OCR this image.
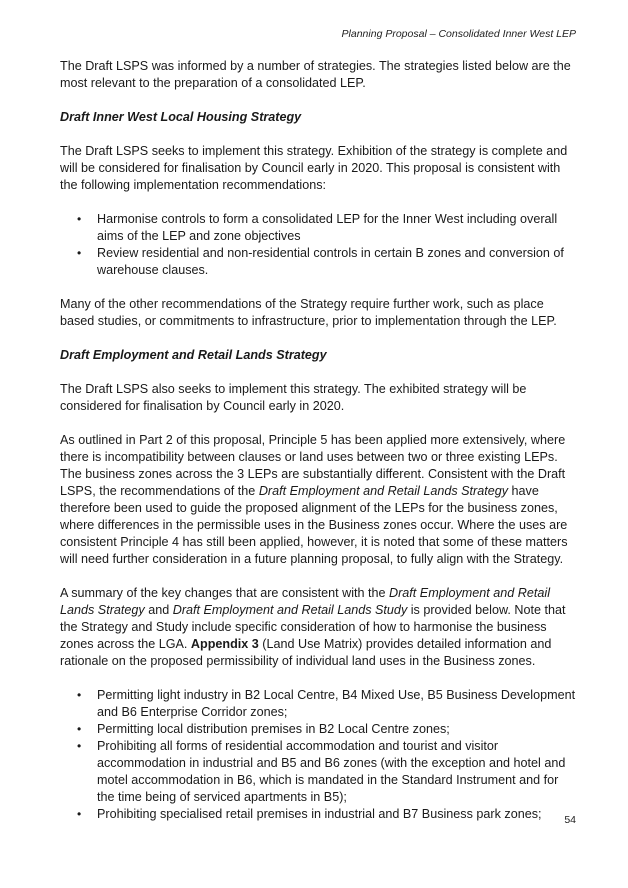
Planning Proposal – Consolidated Inner West LEP

The Draft LSPS was informed by a number of strategies. The strategies listed below are the most relevant to the preparation of a consolidated LEP.

Draft Inner West Local Housing Strategy

The Draft LSPS seeks to implement this strategy. Exhibition of the strategy is complete and will be considered for finalisation by Council early in 2020. This proposal is consistent with the following implementation recommendations:

• Harmonise controls to form a consolidated LEP for the Inner West including overall aims of the LEP and zone objectives
• Review residential and non-residential controls in certain B zones and conversion of warehouse clauses.

Many of the other recommendations of the Strategy require further work, such as place based studies, or commitments to infrastructure, prior to implementation through the LEP.

Draft Employment and Retail Lands Strategy

The Draft LSPS also seeks to implement this strategy. The exhibited strategy will be considered for finalisation by Council early in 2020.

As outlined in Part 2 of this proposal, Principle 5 has been applied more extensively, where there is incompatibility between clauses or land uses between two or three existing LEPs. The business zones across the 3 LEPs are substantially different. Consistent with the Draft LSPS, the recommendations of the Draft Employment and Retail Lands Strategy have therefore been used to guide the proposed alignment of the LEPs for the business zones, where differences in the permissible uses in the Business zones occur. Where the uses are consistent Principle 4 has still been applied, however, it is noted that some of these matters will need further consideration in a future planning proposal, to fully align with the Strategy.

A summary of the key changes that are consistent with the Draft Employment and Retail Lands Strategy and Draft Employment and Retail Lands Study is provided below. Note that the Strategy and Study include specific consideration of how to harmonise the business zones across the LGA. Appendix 3 (Land Use Matrix) provides detailed information and rationale on the proposed permissibility of individual land uses in the Business zones.

• Permitting light industry in B2 Local Centre, B4 Mixed Use, B5 Business Development and B6 Enterprise Corridor zones;
• Permitting local distribution premises in B2 Local Centre zones;
• Prohibiting all forms of residential accommodation and tourist and visitor accommodation in industrial and B5 and B6 zones (with the exception and hotel and motel accommodation in B6, which is mandated in the Standard Instrument and for the time being of serviced apartments in B5);
• Prohibiting specialised retail premises in industrial and B7 Business park zones;	54
